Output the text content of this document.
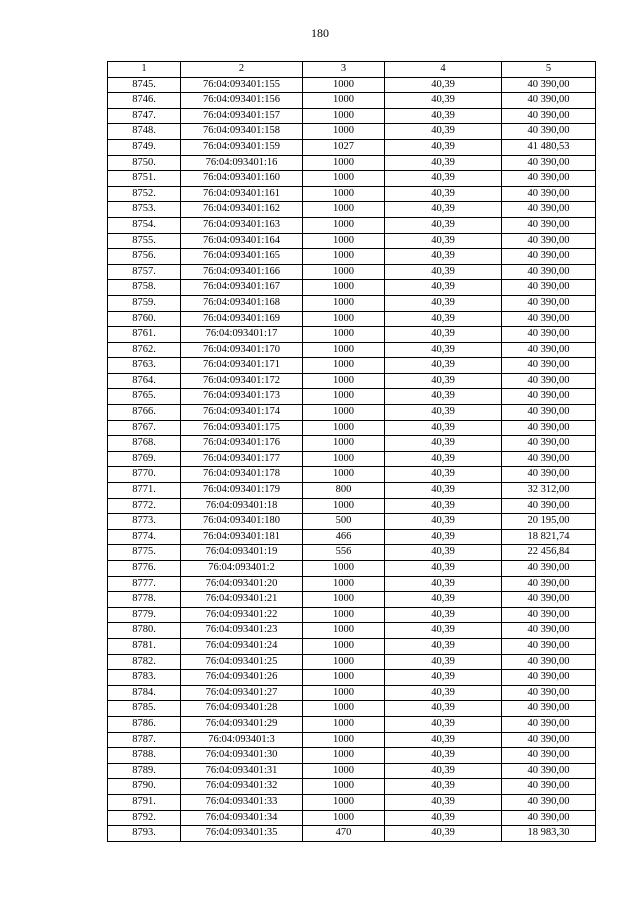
180
1	2	3	4	5
8745.	76:04:093401:155	1000	40,39	40 390,00
8746.	76:04:093401:156	1000	40,39	40 390,00
8747.	76:04:093401:157	1000	40,39	40 390,00
8748.	76:04:093401:158	1000	40,39	40 390,00
8749.	76:04:093401:159	1027	40,39	41 480,53
8750.	76:04:093401:16	1000	40,39	40 390,00
8751.	76:04:093401:160	1000	40,39	40 390,00
8752.	76:04:093401:161	1000	40,39	40 390,00
8753.	76:04:093401:162	1000	40,39	40 390,00
8754.	76:04:093401:163	1000	40,39	40 390,00
8755.	76:04:093401:164	1000	40,39	40 390,00
8756.	76:04:093401:165	1000	40,39	40 390,00
8757.	76:04:093401:166	1000	40,39	40 390,00
8758.	76:04:093401:167	1000	40,39	40 390,00
8759.	76:04:093401:168	1000	40,39	40 390,00
8760.	76:04:093401:169	1000	40,39	40 390,00
8761.	76:04:093401:17	1000	40,39	40 390,00
8762.	76:04:093401:170	1000	40,39	40 390,00
8763.	76:04:093401:171	1000	40,39	40 390,00
8764.	76:04:093401:172	1000	40,39	40 390,00
8765.	76:04:093401:173	1000	40,39	40 390,00
8766.	76:04:093401:174	1000	40,39	40 390,00
8767.	76:04:093401:175	1000	40,39	40 390,00
8768.	76:04:093401:176	1000	40,39	40 390,00
8769.	76:04:093401:177	1000	40,39	40 390,00
8770.	76:04:093401:178	1000	40,39	40 390,00
8771.	76:04:093401:179	800	40,39	32 312,00
8772.	76:04:093401:18	1000	40,39	40 390,00
8773.	76:04:093401:180	500	40,39	20 195,00
8774.	76:04:093401:181	466	40,39	18 821,74
8775.	76:04:093401:19	556	40,39	22 456,84
8776.	76:04:093401:2	1000	40,39	40 390,00
8777.	76:04:093401:20	1000	40,39	40 390,00
8778.	76:04:093401:21	1000	40,39	40 390,00
8779.	76:04:093401:22	1000	40,39	40 390,00
8780.	76:04:093401:23	1000	40,39	40 390,00
8781.	76:04:093401:24	1000	40,39	40 390,00
8782.	76:04:093401:25	1000	40,39	40 390,00
8783.	76:04:093401:26	1000	40,39	40 390,00
8784.	76:04:093401:27	1000	40,39	40 390,00
8785.	76:04:093401:28	1000	40,39	40 390,00
8786.	76:04:093401:29	1000	40,39	40 390,00
8787.	76:04:093401:3	1000	40,39	40 390,00
8788.	76:04:093401:30	1000	40,39	40 390,00
8789.	76:04:093401:31	1000	40,39	40 390,00
8790.	76:04:093401:32	1000	40,39	40 390,00
8791.	76:04:093401:33	1000	40,39	40 390,00
8792.	76:04:093401:34	1000	40,39	40 390,00
8793.	76:04:093401:35	470	40,39	18 983,30
